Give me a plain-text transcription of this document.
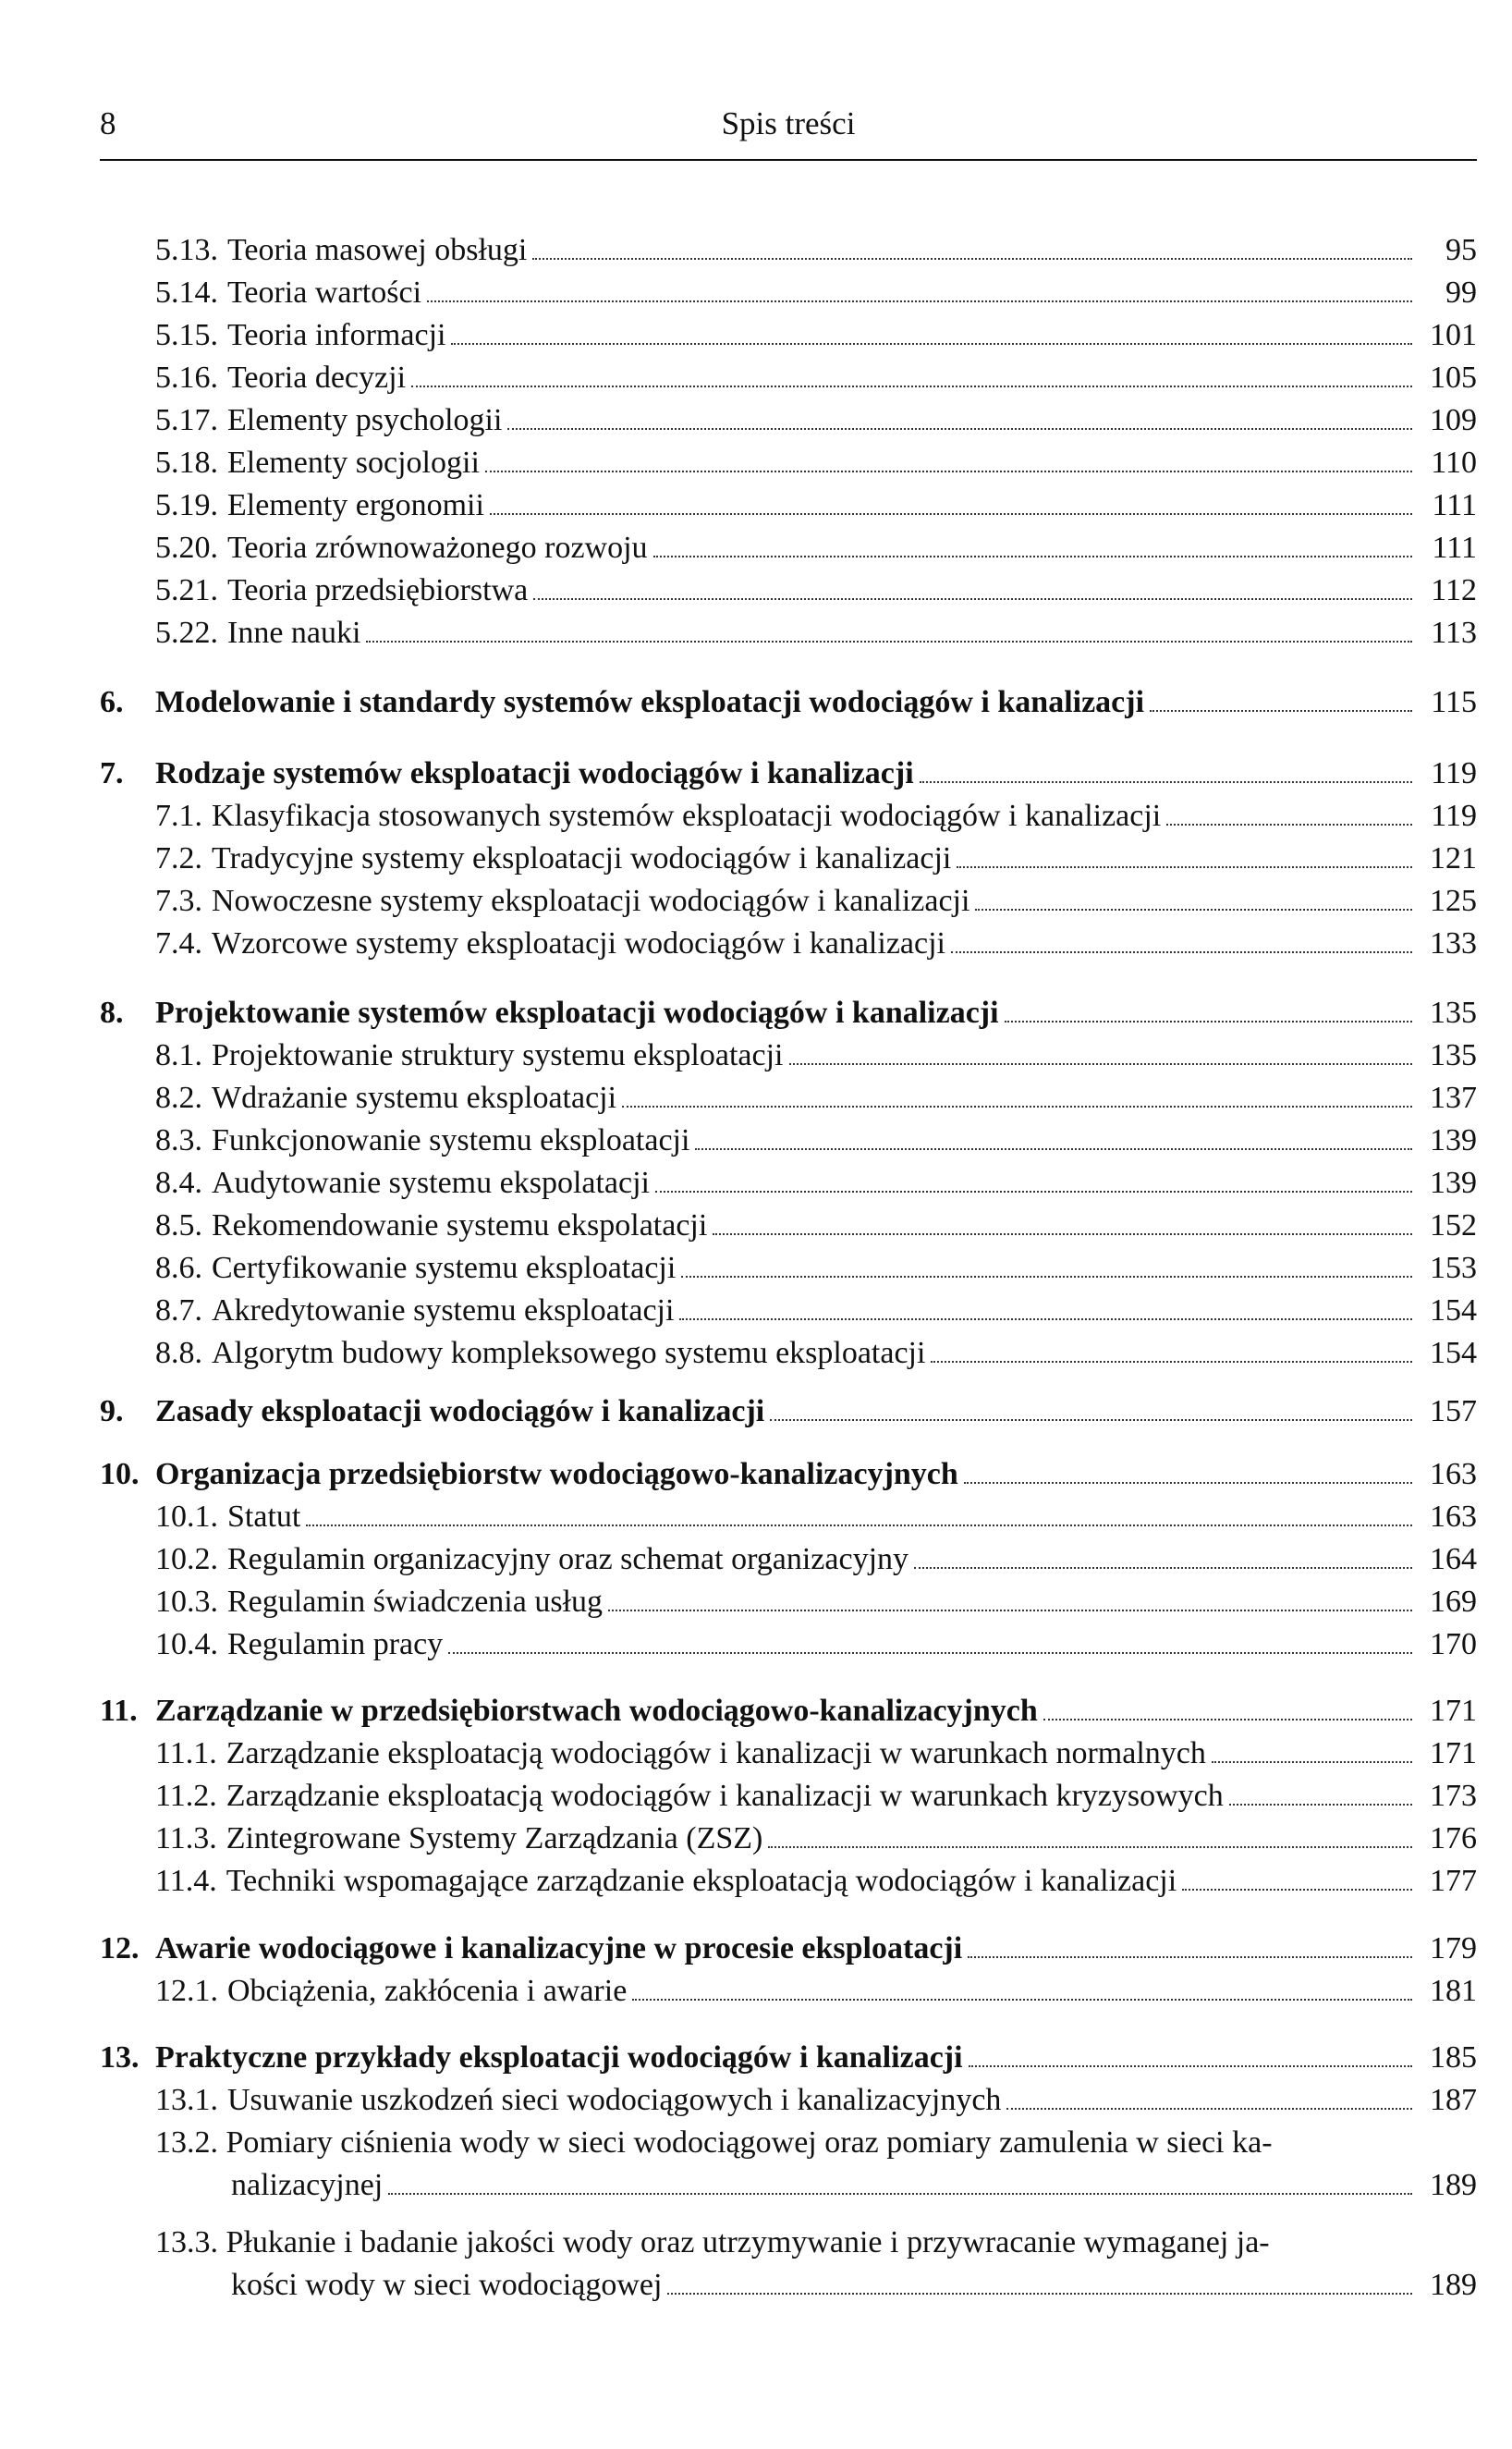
8	Spis treści
5.13. Teoria masowej obsługi	95
5.14. Teoria wartości	99
5.15. Teoria informacji	101
5.16. Teoria decyzji	105
5.17. Elementy psychologii	109
5.18. Elementy socjologii	110
5.19. Elementy ergonomii	111
5.20. Teoria zrównoważonego rozwoju	111
5.21. Teoria przedsiębiorstwa	112
5.22. Inne nauki	113
6.	Modelowanie i standardy systemów eksploatacji wodociągów i kanalizacji	115
7.	Rodzaje systemów eksploatacji wodociągów i kanalizacji	119
7.1. Klasyfikacja stosowanych systemów eksploatacji wodociągów i kanalizacji	119
7.2. Tradycyjne systemy eksploatacji wodociągów i kanalizacji	121
7.3. Nowoczesne systemy eksploatacji wodociągów i kanalizacji	125
7.4. Wzorcowe systemy eksploatacji wodociągów i kanalizacji	133
8.	Projektowanie systemów eksploatacji wodociągów i kanalizacji	135
8.1. Projektowanie struktury systemu eksploatacji	135
8.2. Wdrażanie systemu eksploatacji	137
8.3. Funkcjonowanie systemu eksploatacji	139
8.4. Audytowanie systemu ekspolatacji	139
8.5. Rekomendowanie systemu ekspolatacji	152
8.6. Certyfikowanie systemu eksploatacji	153
8.7. Akredytowanie systemu eksploatacji	154
8.8. Algorytm budowy kompleksowego systemu eksploatacji	154
9.	Zasady eksploatacji wodociągów i kanalizacji	157
10. Organizacja przedsiębiorstw wodociągowo-kanalizacyjnych	163
10.1. Statut	163
10.2. Regulamin organizacyjny oraz schemat organizacyjny	164
10.3. Regulamin świadczenia usług	169
10.4. Regulamin pracy	170
11. Zarządzanie w przedsiębiorstwach wodociągowo-kanalizacyjnych	171
11.1. Zarządzanie eksploatacją wodociągów i kanalizacji w warunkach normalnych	171
11.2. Zarządzanie eksploatacją wodociągów i kanalizacji w warunkach kryzysowych	173
11.3. Zintegrowane Systemy Zarządzania (ZSZ)	176
11.4. Techniki wspomagające zarządzanie eksploatacją wodociągów i kanalizacji	177
12. Awarie wodociągowe i kanalizacyjne w procesie eksploatacji	179
12.1. Obciążenia, zakłócenia i awarie	181
13. Praktyczne przykłady eksploatacji wodociągów i kanalizacji	185
13.1. Usuwanie uszkodzeń sieci wodociągowych i kanalizacyjnych	187
13.2. Pomiary ciśnienia wody w sieci wodociągowej oraz pomiary zamulenia w sieci ka-
nalizacyjnej	189
13.3. Płukanie i badanie jakości wody oraz utrzymywanie i przywracanie wymaganej ja-
kości wody w sieci wodociągowej	189
